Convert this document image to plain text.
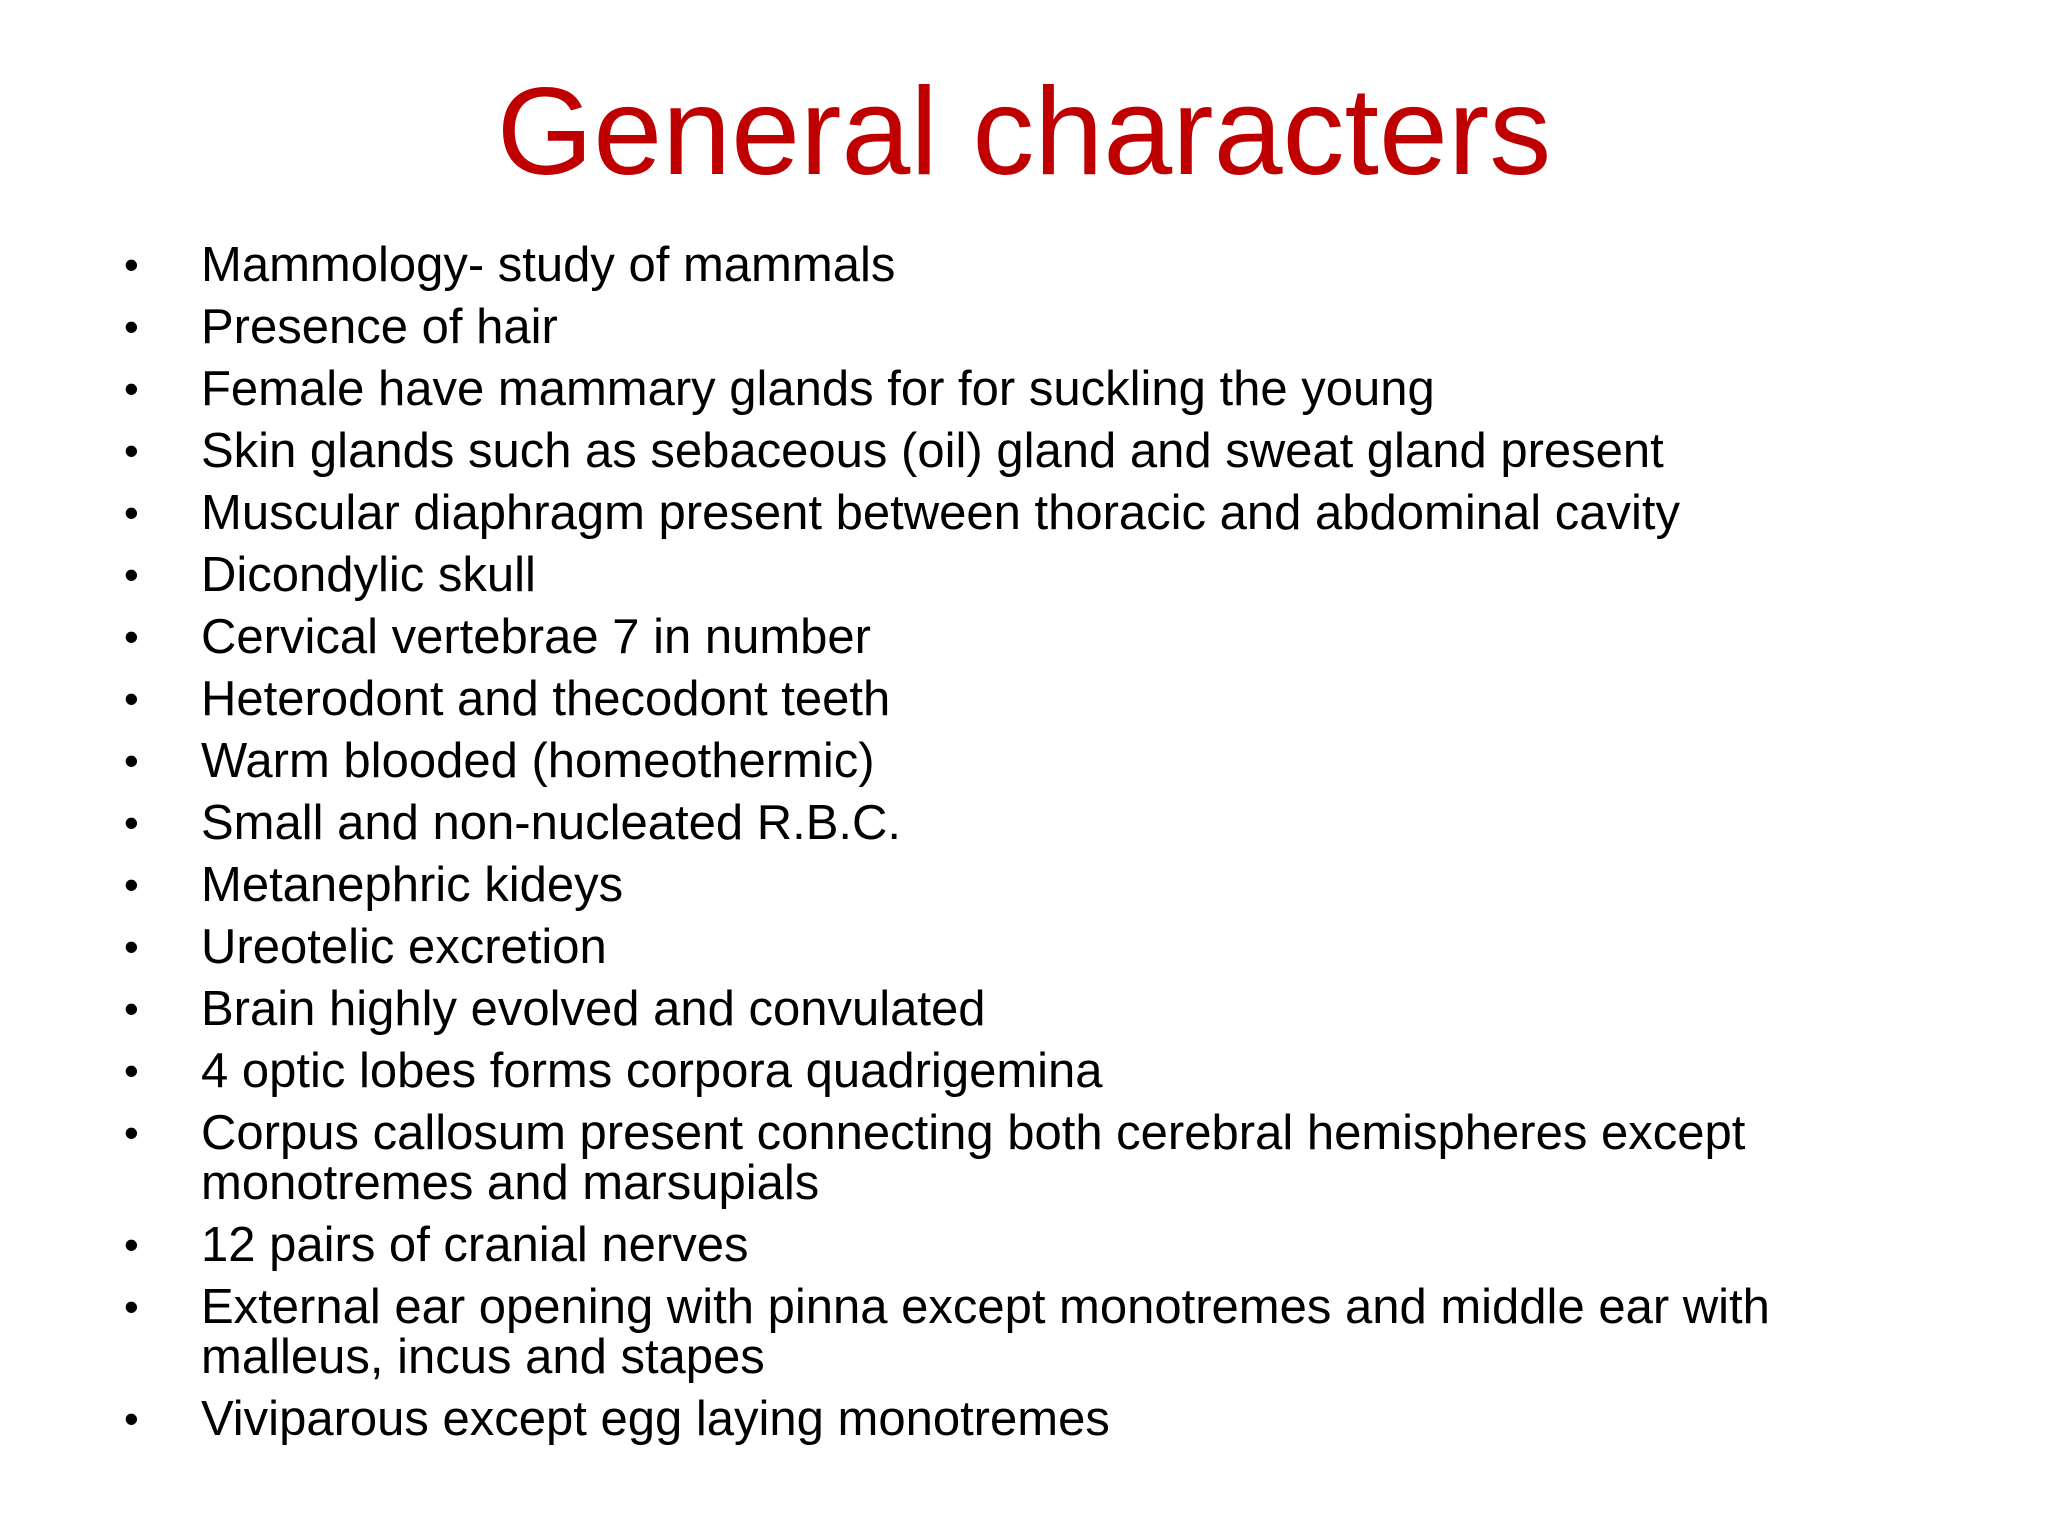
General characters
•	Mammology- study of mammals
•	Presence of hair
•	Female have mammary glands for for suckling the young
•	Skin glands such as sebaceous (oil) gland and sweat gland present
•	Muscular diaphragm present between thoracic and abdominal cavity
•	Dicondylic skull
•	Cervical vertebrae 7 in number
•	Heterodont and thecodont teeth
•	Warm blooded (homeothermic)
•	Small and non-nucleated R.B.C.
•	Metanephric kideys
•	Ureotelic excretion
•	Brain highly evolved and convulated
•	4 optic lobes forms corpora quadrigemina
•	Corpus callosum present connecting both cerebral hemispheres except monotremes and marsupials
•	12 pairs of cranial nerves
•	External ear opening with pinna except monotremes and middle ear with malleus, incus and stapes
•	Viviparous except egg laying monotremes
